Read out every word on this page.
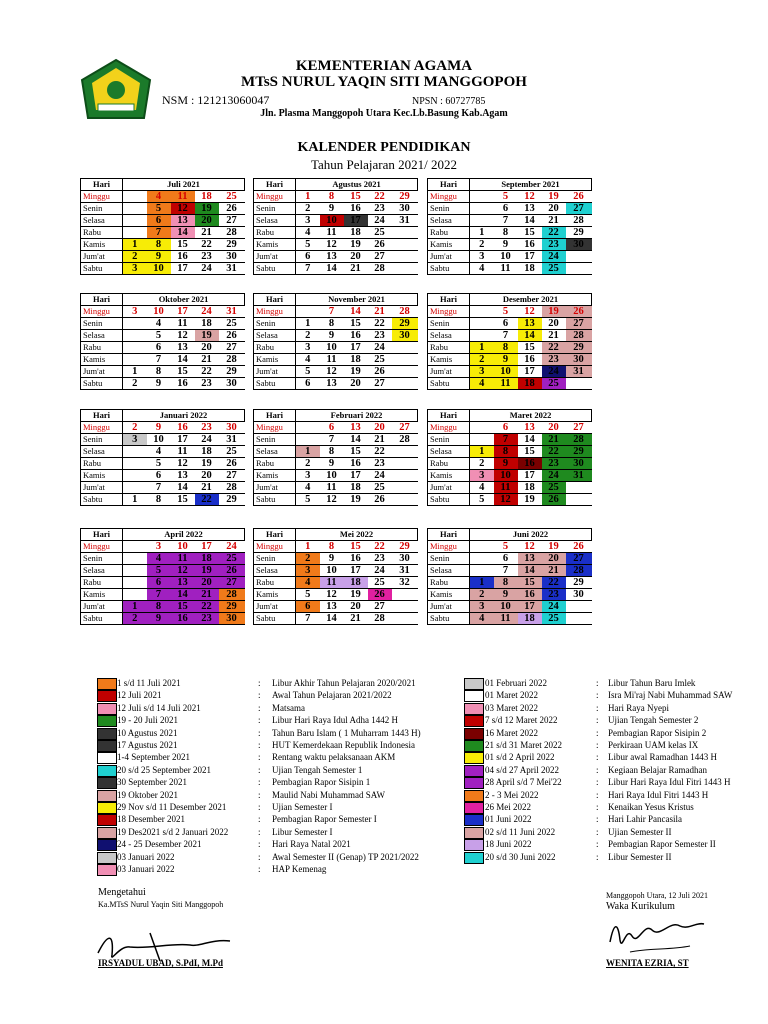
KEMENTERIAN AGAMA
MTsS NURUL YAQIN SITI MANGGOPOH
NSM : 121213060047	NPSN : 60727785
Jln. Plasma Manggopoh Utara Kec.Lb.Basung Kab.Agam
KALENDER PENDIDIKAN
Tahun Pelajaran 2021/ 2022
Hari	Juli 2021				
Minggu		4	11	18	25
Senin		5	12	19	26
Selasa		6	13	20	27
Rabu		7	14	21	28
Kamis	1	8	15	22	29
Jum'at	2	9	16	23	30
Sabtu	3	10	17	24	31
Hari	Agustus 2021				
Minggu	1	8	15	22	29
Senin	2	9	16	23	30
Selasa	3	10	17	24	31
Rabu	4	11	18	25	
Kamis	5	12	19	26	
Jum'at	6	13	20	27	
Sabtu	7	14	21	28	
Hari	September 2021				
Minggu		5	12	19	26
Senin		6	13	20	27
Selasa		7	14	21	28
Rabu	1	8	15	22	29
Kamis	2	9	16	23	30
Jum'at	3	10	17	24	
Sabtu	4	11	18	25	
Hari	Oktober 2021				
Minggu	3	10	17	24	31
Senin		4	11	18	25
Selasa		5	12	19	26
Rabu		6	13	20	27
Kamis		7	14	21	28
Jum'at	1	8	15	22	29
Sabtu	2	9	16	23	30
Hari	November 2021				
Minggu		7	14	21	28
Senin	1	8	15	22	29
Selasa	2	9	16	23	30
Rabu	3	10	17	24	
Kamis	4	11	18	25	
Jum'at	5	12	19	26	
Sabtu	6	13	20	27	
Hari	Desember 2021				
Minggu		5	12	19	26
Senin		6	13	20	27
Selasa		7	14	21	28
Rabu	1	8	15	22	29
Kamis	2	9	16	23	30
Jum'at	3	10	17	24	31
Sabtu	4	11	18	25	
Hari	Januari 2022				
Minggu	2	9	16	23	30
Senin	3	10	17	24	31
Selasa		4	11	18	25
Rabu		5	12	19	26
Kamis		6	13	20	27
Jum'at		7	14	21	28
Sabtu	1	8	15	22	29
Hari	Februari 2022				
Minggu		6	13	20	27
Senin		7	14	21	28
Selasa	1	8	15	22	
Rabu	2	9	16	23	
Kamis	3	10	17	24	
Jum'at	4	11	18	25	
Sabtu	5	12	19	26	
Hari	Maret 2022				
Minggu		6	13	20	27
Senin		7	14	21	28
Selasa	1	8	15	22	29
Rabu	2	9	16	23	30
Kamis	3	10	17	24	31
Jum'at	4	11	18	25	
Sabtu	5	12	19	26	
Hari	April 2022				
Minggu		3	10	17	24
Senin		4	11	18	25
Selasa		5	12	19	26
Rabu		6	13	20	27
Kamis		7	14	21	28
Jum'at	1	8	15	22	29
Sabtu	2	9	16	23	30
Hari	Mei 2022				
Minggu	1	8	15	22	29
Senin	2	9	16	23	30
Selasa	3	10	17	24	31
Rabu	4	11	18	25	32
Kamis	5	12	19	26	
Jum'at	6	13	20	27	
Sabtu	7	14	21	28	
Hari	Juni 2022				
Minggu		5	12	19	26
Senin		6	13	20	27
Selasa		7	14	21	28
Rabu	1	8	15	22	29
Kamis	2	9	16	23	30
Jum'at	3	10	17	24	
Sabtu	4	11	18	25	
1 s/d 11 Juli 2021	: Libur Akhir Tahun Pelajaran 2020/2021
12 Juli 2021	: Awal Tahun Pelajaran 2021/2022
12 Juli s/d 14 Juli 2021	: Matsama
19 - 20 Juli 2021	: Libur Hari Raya Idul Adha 1442 H
10 Agustus 2021	: Tahun Baru Islam ( 1 Muharram 1443 H)
17 Agustus 2021	: HUT Kemerdekaan Republik Indonesia
1-4 September 2021	: Rentang waktu pelaksanaan AKM
20 s/d 25 September 2021	: Ujian Tengah Semester 1
30 September 2021	: Pembagian Rapor Sisipin 1
19 Oktober 2021	: Maulid Nabi Muhammad SAW
29 Nov s/d 11 Desember 2021	: Ujian Semester I
18 Desember 2021	: Pembagian Rapor Semester I
19 Des2021 s/d 2 Januari 2022	: Libur Semester I
24 - 25 Desember 2021	: Hari Raya Natal 2021
03 Januari 2022	: Awal Semester II (Genap) TP 2021/2022
03 Januari 2022	: HAP Kemenag
01 Februari 2022	: Libur Tahun Baru Imlek
01 Maret 2022	: Isra Mi'raj Nabi Muhammad SAW
03 Maret 2022	: Hari Raya Nyepi
7 s/d 12 Maret 2022	: Ujian Tengah Semester 2
16 Maret 2022	: Pembagian Rapor Sisipin 2
21 s/d 31 Maret 2022	: Perkiraan UAM kelas IX
01 s/d 2 April 2022	: Libur awal Ramadhan 1443 H
04 s/d 27 April 2022	: Kegiaan Belajar Ramadhan
28 April s/d 7 Mei'22	: Libur Hari Raya Idul Fitri 1443 H
2 - 3 Mei 2022	: Hari Raya Idul Fitri 1443 H
26 Mei 2022	: Kenaikan Yesus Kristus
01 Juni 2022	: Hari Lahir Pancasila
02 s/d 11 Juni 2022	: Ujian Semester II
18 Juni 2022	: Pembagian Rapor Semester II
20 s/d 30 Juni 2022	: Libur Semester II
Mengetahui
Ka.MTsS Nurul Yaqin Siti Manggopoh
IRSYADUL UBAD, S.PdI, M.Pd
Manggopoh Utara, 12 Juli 2021
Waka Kurikulum
WENITA EZRIA, ST
